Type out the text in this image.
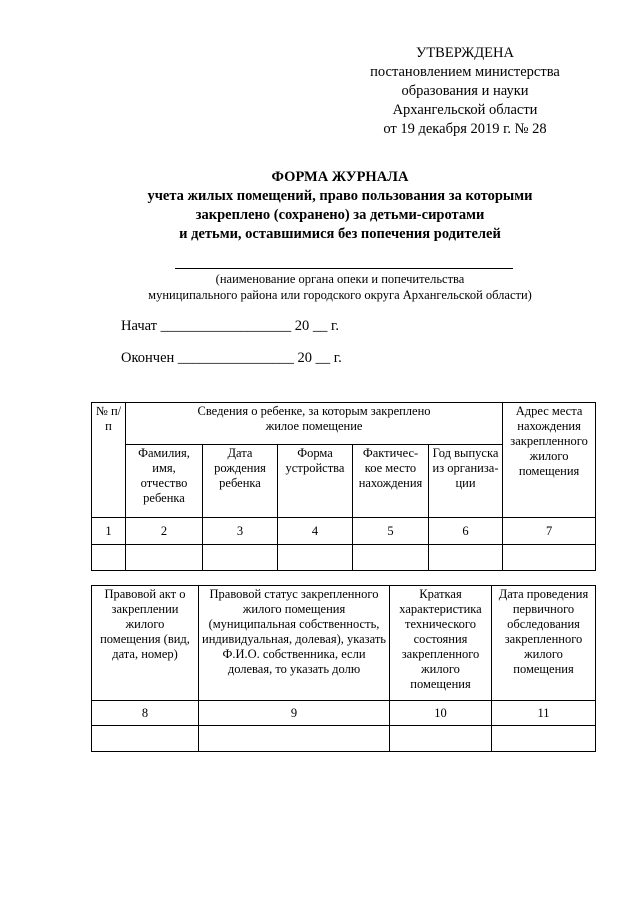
УТВЕРЖДЕНА
постановлением министерства
образования и науки
Архангельской области
от 19 декабря 2019 г. № 28
ФОРМА ЖУРНАЛА
учета жилых помещений, право пользования за которыми
закреплено (сохранено) за детьми-сиротами
и детьми, оставшимися без попечения родителей
(наименование органа опеки и попечительства
муниципального района или городского округа Архангельской области)
Начат __________________ 20 __ г.
Окончен ________________ 20 __ г.
№ п/п	Сведения о ребенке, за которым закреплено жилое помещение					Адрес места нахождения закрепленного жилого помещения
	Фамилия, имя, отчество ребенка	Дата рождения ребенка	Форма устройства	Фактичес-кое место нахождения	Год выпуска из организа-ции	
1	2	3	4	5	6	7

Правовой акт о закреплении жилого помещения (вид, дата, номер)	Правовой статус закрепленного жилого помещения (муниципальная собственность, индивидуальная, долевая), указать Ф.И.О. собственника, если долевая, то указать долю	Краткая характеристика технического состояния закрепленного жилого помещения	Дата проведения первичного обследования закрепленного жилого помещения
8	9	10	11
